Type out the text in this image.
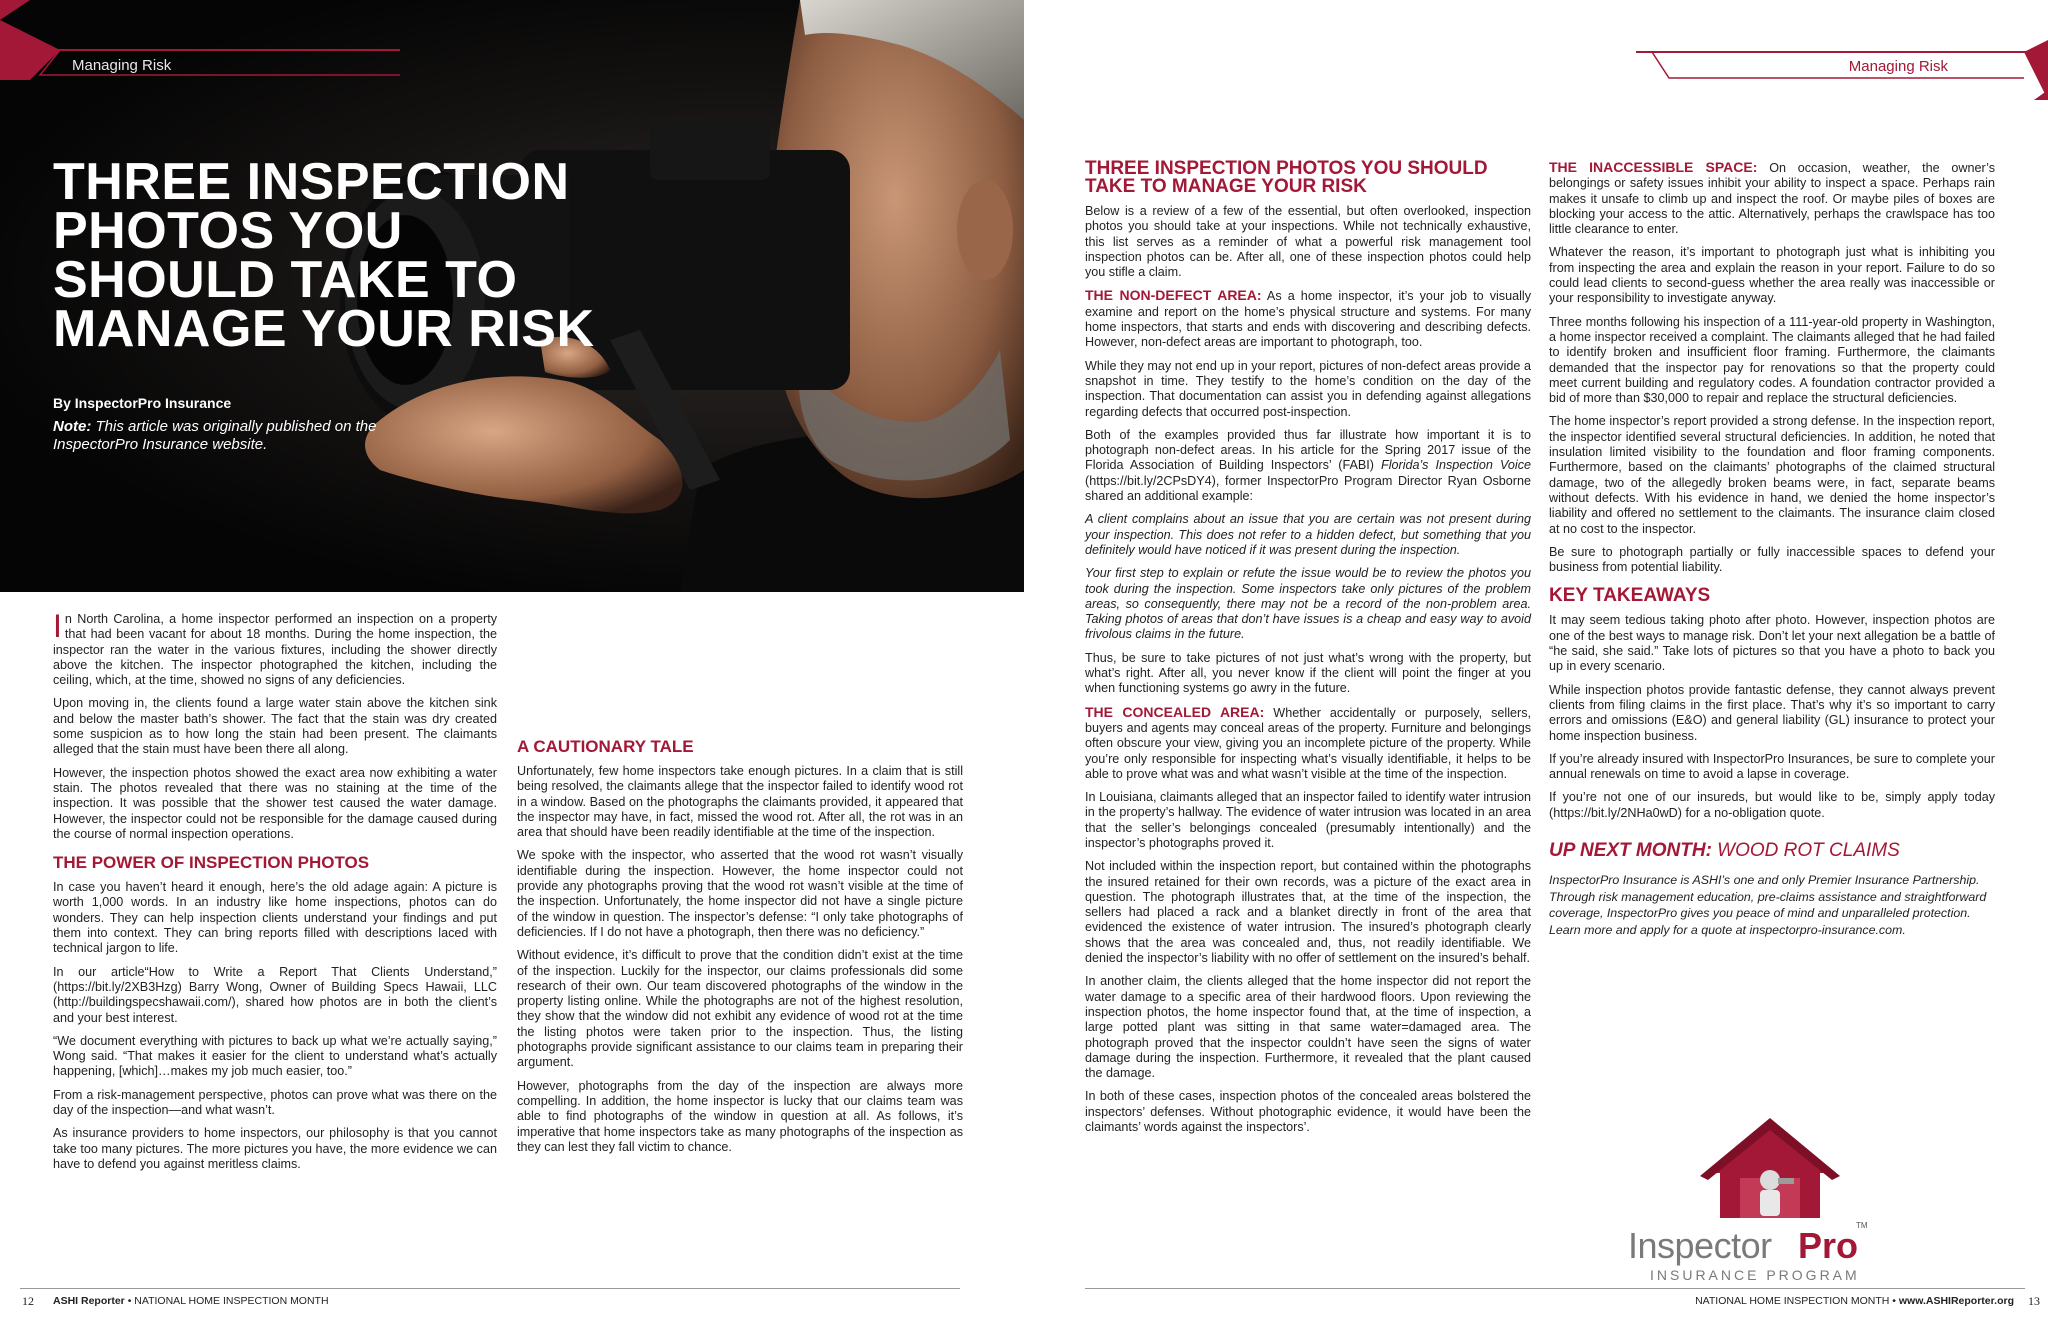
Managing Risk
THREE INSPECTION PHOTOS YOU SHOULD TAKE TO MANAGE YOUR RISK
By InspectorPro Insurance
Note: This article was originally published on the InspectorPro Insurance website.

In North Carolina, a home inspector performed an inspection on a property that had been vacant for about 18 months. During the home inspection, the inspector ran the water in the various fixtures, including the shower directly above the kitchen. The inspector photographed the kitchen, including the ceiling, which, at the time, showed no signs of any deficiencies.

Upon moving in, the clients found a large water stain above the kitchen sink and below the master bath’s shower. The fact that the stain was dry created some suspicion as to how long the stain had been present. The claimants alleged that the stain must have been there all along.

However, the inspection photos showed the exact area now exhibiting a water stain. The photos revealed that there was no staining at the time of the inspection. It was possible that the shower test caused the water damage. However, the inspector could not be responsible for the damage caused during the course of normal inspection operations.

THE POWER OF INSPECTION PHOTOS

In case you haven’t heard it enough, here’s the old adage again: A picture is worth 1,000 words. In an industry like home inspections, photos can do wonders. They can help inspection clients understand your findings and put them into context. They can bring reports filled with descriptions laced with technical jargon to life.

In our article“How to Write a Report That Clients Understand,” (https://bit.ly/2XB3Hzg) Barry Wong, Owner of Building Specs Hawaii, LLC (http://buildingspecshawaii.com/), shared how photos are in both the client’s and your best interest.

“We document everything with pictures to back up what we’re actually saying,” Wong said. “That makes it easier for the client to understand what’s actually happening, [which]…makes my job much easier, too.”

From a risk-management perspective, photos can prove what was there on the day of the inspection—and what wasn’t.

As insurance providers to home inspectors, our philosophy is that you cannot take too many pictures. The more pictures you have, the more evidence we can have to defend you against meritless claims.

A CAUTIONARY TALE

Unfortunately, few home inspectors take enough pictures. In a claim that is still being resolved, the claimants allege that the inspector failed to identify wood rot in a window. Based on the photographs the claimants provided, it appeared that the inspector may have, in fact, missed the wood rot. After all, the rot was in an area that should have been readily identifiable at the time of the inspection.

We spoke with the inspector, who asserted that the wood rot wasn’t visually identifiable during the inspection. However, the home inspector could not provide any photographs proving that the wood rot wasn’t visible at the time of the inspection. Unfortunately, the home inspector did not have a single picture of the window in question. The inspector’s defense: “I only take photographs of deficiencies. If I do not have a photograph, then there was no deficiency.”

Without evidence, it’s difficult to prove that the condition didn’t exist at the time of the inspection. Luckily for the inspector, our claims professionals did some research of their own. Our team discovered photographs of the window in the property listing online. While the photographs are not of the highest resolution, they show that the window did not exhibit any evidence of wood rot at the time the listing photos were taken prior to the inspection. Thus, the listing photographs provide significant assistance to our claims team in preparing their argument.

However, photographs from the day of the inspection are always more compelling. In addition, the home inspector is lucky that our claims team was able to find photographs of the window in question at all. As follows, it’s imperative that home inspectors take as many photographs of the inspection as they can lest they fall victim to chance.

12 ASHI Reporter • NATIONAL HOME INSPECTION MONTH
Managing Risk
THREE INSPECTION PHOTOS YOU SHOULD TAKE TO MANAGE YOUR RISK

Below is a review of a few of the essential, but often overlooked, inspection photos you should take at your inspections. While not technically exhaustive, this list serves as a reminder of what a powerful risk management tool inspection photos can be. After all, one of these inspection photos could help you stifle a claim.

THE NON-DEFECT AREA: As a home inspector, it’s your job to visually examine and report on the home’s physical structure and systems. For many home inspectors, that starts and ends with discovering and describing defects. However, non-defect areas are important to photograph, too.

While they may not end up in your report, pictures of non-defect areas provide a snapshot in time. They testify to the home’s condition on the day of the inspection. That documentation can assist you in defending against allegations regarding defects that occurred post-inspection.

Both of the examples provided thus far illustrate how important it is to photograph non-defect areas. In his article for the Spring 2017 issue of the Florida Association of Building Inspectors’ (FABI) Florida’s Inspection Voice (https://bit.ly/2CPsDY4), former InspectorPro Program Director Ryan Osborne shared an additional example:

A client complains about an issue that you are certain was not present during your inspection. This does not refer to a hidden defect, but something that you definitely would have noticed if it was present during the inspection.

Your first step to explain or refute the issue would be to review the photos you took during the inspection. Some inspectors take only pictures of the problem areas, so consequently, there may not be a record of the non-problem area. Taking photos of areas that don’t have issues is a cheap and easy way to avoid frivolous claims in the future.

Thus, be sure to take pictures of not just what’s wrong with the property, but what’s right. After all, you never know if the client will point the finger at you when functioning systems go awry in the future.

THE CONCEALED AREA: Whether accidentally or purposely, sellers, buyers and agents may conceal areas of the property. Furniture and belongings often obscure your view, giving you an incomplete picture of the property. While you’re only responsible for inspecting what’s visually identifiable, it helps to be able to prove what was and what wasn’t visible at the time of the inspection.

In Louisiana, claimants alleged that an inspector failed to identify water intrusion in the property’s hallway. The evidence of water intrusion was located in an area that the seller’s belongings concealed (presumably intentionally) and the inspector’s photographs proved it.

Not included within the inspection report, but contained within the photographs the insured retained for their own records, was a picture of the exact area in question. The photograph illustrates that, at the time of the inspection, the sellers had placed a rack and a blanket directly in front of the area that evidenced the existence of water intrusion. The insured’s photograph clearly shows that the area was concealed and, thus, not readily identifiable. We denied the inspector’s liability with no offer of settlement on the insured’s behalf.

In another claim, the clients alleged that the home inspector did not report the water damage to a specific area of their hardwood floors. Upon reviewing the inspection photos, the home inspector found that, at the time of inspection, a large potted plant was sitting in that same water=damaged area. The photograph proved that the inspector couldn’t have seen the signs of water damage during the inspection. Furthermore, it revealed that the plant caused the damage.

In both of these cases, inspection photos of the concealed areas bolstered the inspectors’ defenses. Without photographic evidence, it would have been the claimants’ words against the inspectors’.

THE INACCESSIBLE SPACE: On occasion, weather, the owner’s belongings or safety issues inhibit your ability to inspect a space. Perhaps rain makes it unsafe to climb up and inspect the roof. Or maybe piles of boxes are blocking your access to the attic. Alternatively, perhaps the crawlspace has too little clearance to enter.

Whatever the reason, it’s important to photograph just what is inhibiting you from inspecting the area and explain the reason in your report. Failure to do so could lead clients to second-guess whether the area really was inaccessible or your responsibility to investigate anyway.

Three months following his inspection of a 111-year-old property in Washington, a home inspector received a complaint. The claimants alleged that he had failed to identify broken and insufficient floor framing. Furthermore, the claimants demanded that the inspector pay for renovations so that the property could meet current building and regulatory codes. A foundation contractor provided a bid of more than $30,000 to repair and replace the structural deficiencies.

The home inspector’s report provided a strong defense. In the inspection report, the inspector identified several structural deficiencies. In addition, he noted that insulation limited visibility to the foundation and floor framing components. Furthermore, based on the claimants’ photographs of the claimed structural damage, two of the allegedly broken beams were, in fact, separate beams without defects. With his evidence in hand, we denied the home inspector’s liability and offered no settlement to the claimants. The insurance claim closed at no cost to the inspector.

Be sure to photograph partially or fully inaccessible spaces to defend your business from potential liability.

KEY TAKEAWAYS

It may seem tedious taking photo after photo. However, inspection photos are one of the best ways to manage risk. Don’t let your next allegation be a battle of “he said, she said.” Take lots of pictures so that you have a photo to back you up in every scenario.

While inspection photos provide fantastic defense, they cannot always prevent clients from filing claims in the first place. That’s why it’s so important to carry errors and omissions (E&O) and general liability (GL) insurance to protect your home inspection business.

If you’re already insured with InspectorPro Insurances, be sure to complete your annual renewals on time to avoid a lapse in coverage.

If you’re not one of our insureds, but would like to be, simply apply today (https://bit.ly/2NHa0wD) for a no-obligation quote.

UP NEXT MONTH: WOOD ROT CLAIMS

InspectorPro Insurance is ASHI’s one and only Premier Insurance Partnership. Through risk management education, pre-claims assistance and straightforward coverage, InspectorPro gives you peace of mind and unparalleled protection. Learn more and apply for a quote at inspectorpro-insurance.com.

TM
Inspector Pro
INSURANCE PROGRAM
NATIONAL HOME INSPECTION MONTH • www.ASHIReporter.org 13
